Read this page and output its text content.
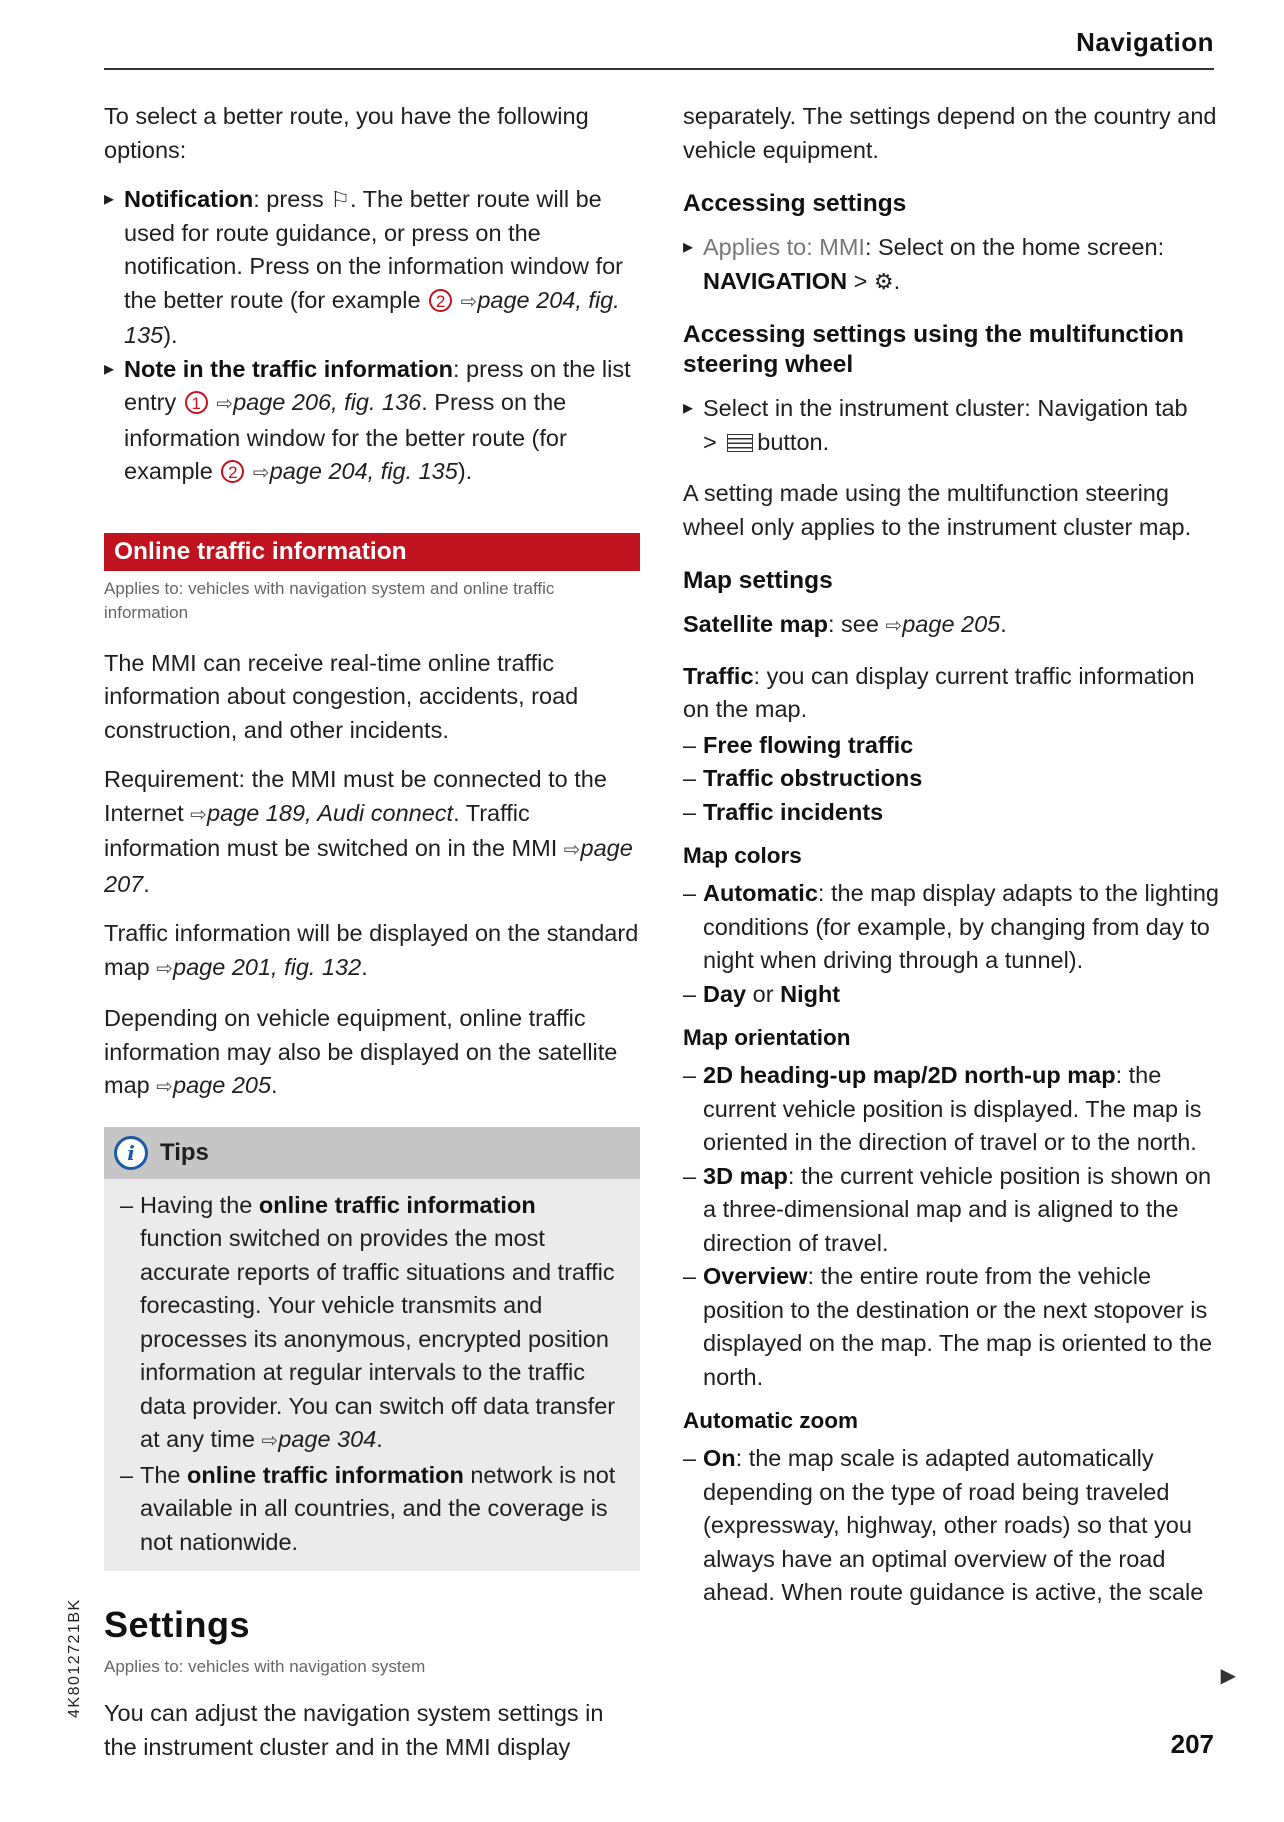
Navigation

To select a better route, you have the following options:

▸ Notification: press ⚐. The better route will be used for route guidance, or press on the notification. Press on the information window for the better route (for example 2 ⇨page 204, fig. 135).
▸ Note in the traffic information: press on the list entry 1 ⇨page 206, fig. 136. Press on the information window for the better route (for example 2 ⇨page 204, fig. 135).
Online traffic information
Applies to: vehicles with navigation system and online traffic information

The MMI can receive real-time online traffic information about congestion, accidents, road construction, and other incidents.

Requirement: the MMI must be connected to the Internet ⇨page 189, Audi connect. Traffic information must be switched on in the MMI ⇨page 207.

Traffic information will be displayed on the standard map ⇨page 201, fig. 132.

Depending on vehicle equipment, online traffic information may also be displayed on the satellite map ⇨page 205.

i Tips
– Having the online traffic information function switched on provides the most accurate reports of traffic situations and traffic forecasting. Your vehicle transmits and processes its anonymous, encrypted position information at regular intervals to the traffic data provider. You can switch off data transfer at any time ⇨page 304.
– The online traffic information network is not available in all countries, and the coverage is not nationwide.
Settings
Applies to: vehicles with navigation system

You can adjust the navigation system settings in the instrument cluster and in the MMI display

separately. The settings depend on the country and vehicle equipment.

Accessing settings
▸ Applies to: MMI: Select on the home screen: NAVIGATION > ⚙.
Accessing settings using the multifunction steering wheel
▸ Select in the instrument cluster: Navigation tab
> button.

A setting made using the multifunction steering wheel only applies to the instrument cluster map.

Map settings

Satellite map: see ⇨page 205.

Traffic: you can display current traffic information on the map.

– Free flowing traffic
– Traffic obstructions
– Traffic incidents
Map colors
– Automatic: the map display adapts to the lighting conditions (for example, by changing from day to night when driving through a tunnel).
– Day or Night
Map orientation
– 2D heading-up map/2D north-up map: the current vehicle position is displayed. The map is oriented in the direction of travel or to the north.
– 3D map: the current vehicle position is shown on a three-dimensional map and is aligned to the direction of travel.
– Overview: the entire route from the vehicle position to the destination or the next stopover is displayed on the map. The map is oriented to the north.
Automatic zoom
– On: the map scale is adapted automatically depending on the type of road being traveled (expressway, highway, other roads) so that you always have an optimal overview of the road ahead. When route guidance is active, the scale
▶
4K8012721BK
207
